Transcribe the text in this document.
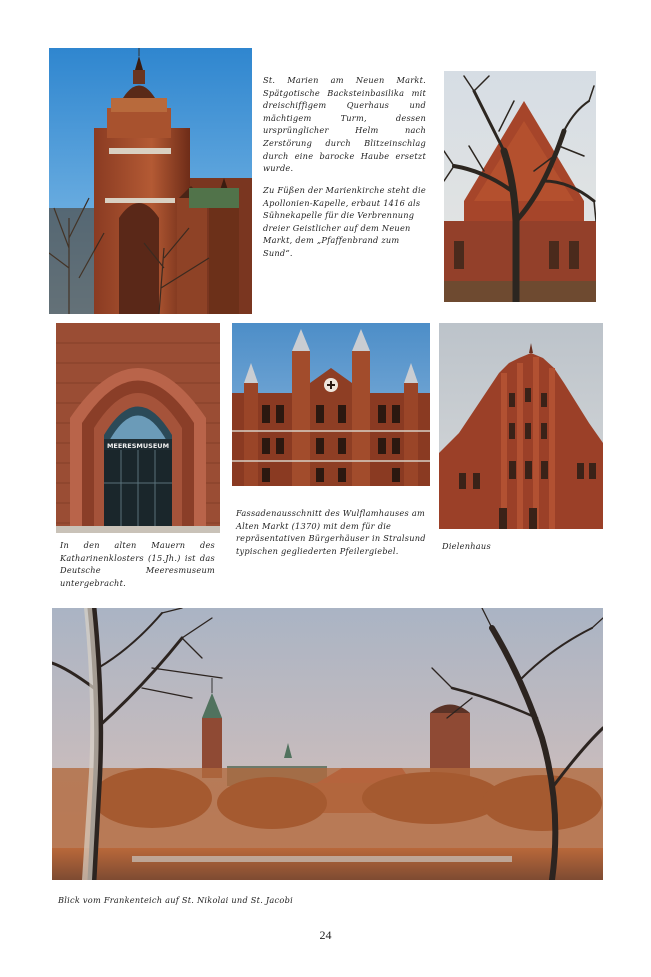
St. Marien am Neuen Markt. Spätgotische Backsteinbasilika mit dreischiffigem Querhaus und mächtigem Turm, dessen ursprünglicher Helm nach Zerstörung durch Blitzeinschlag durch eine barocke Haube ersetzt wurde.

Zu Füßen der Marienkirche steht die Apollonien-Kapelle, erbaut 1416 als Sühnekapelle für die Verbrennung dreier Geistlicher auf dem Neuen Markt, dem „Pfaffenbrand zum Sund“.

MEERESMUSEUM

In den alten Mauern des Katharinenklosters (15.Jh.) ist das Deutsche Meeresmuseum untergebracht.

Fassadenausschnitt des Wulflamhauses am Alten Markt (1370) mit dem für die repräsentativen Bürgerhäuser in Stralsund typischen gegliederten Pfeilergiebel.	Dielenhaus

Blick vom Frankenteich auf St. Nikolai und St. Jacobi

24
